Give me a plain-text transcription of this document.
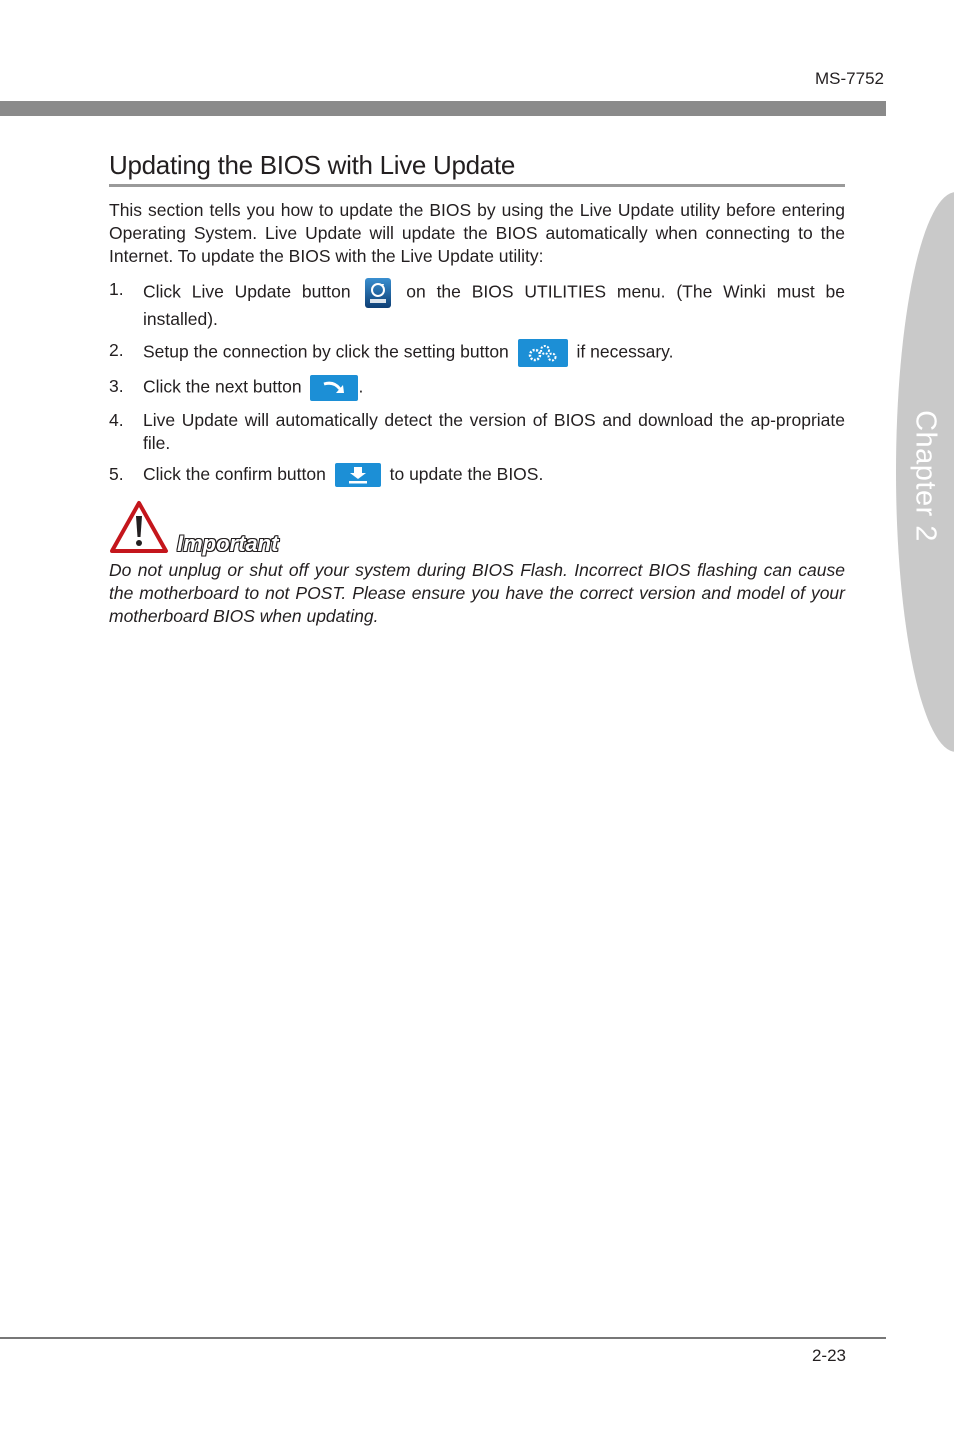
MS-7752
Chapter 2
Updating the BIOS with Live Update

This section tells you how to update the BIOS by using the Live Update utility before entering Operating System. Live Update will update the BIOS automatically when connecting to the Internet. To update the BIOS with the Live Update utility:

1.	Click Live Update button	on the BIOS UTILITIES menu. (The Winki must be installed).
2.	Setup the connection by click the setting button	if necessary.
3.	Click the next button	.
4.	Live Update will automatically detect the version of BIOS and download the ap-propriate file.
5.	Click the confirm button	to update the BIOS.
Important

Do not unplug or shut off your system during BIOS Flash. Incorrect BIOS flashing can cause the motherboard to not POST. Please ensure you have the correct version and model of your motherboard BIOS when updating.

2-23
